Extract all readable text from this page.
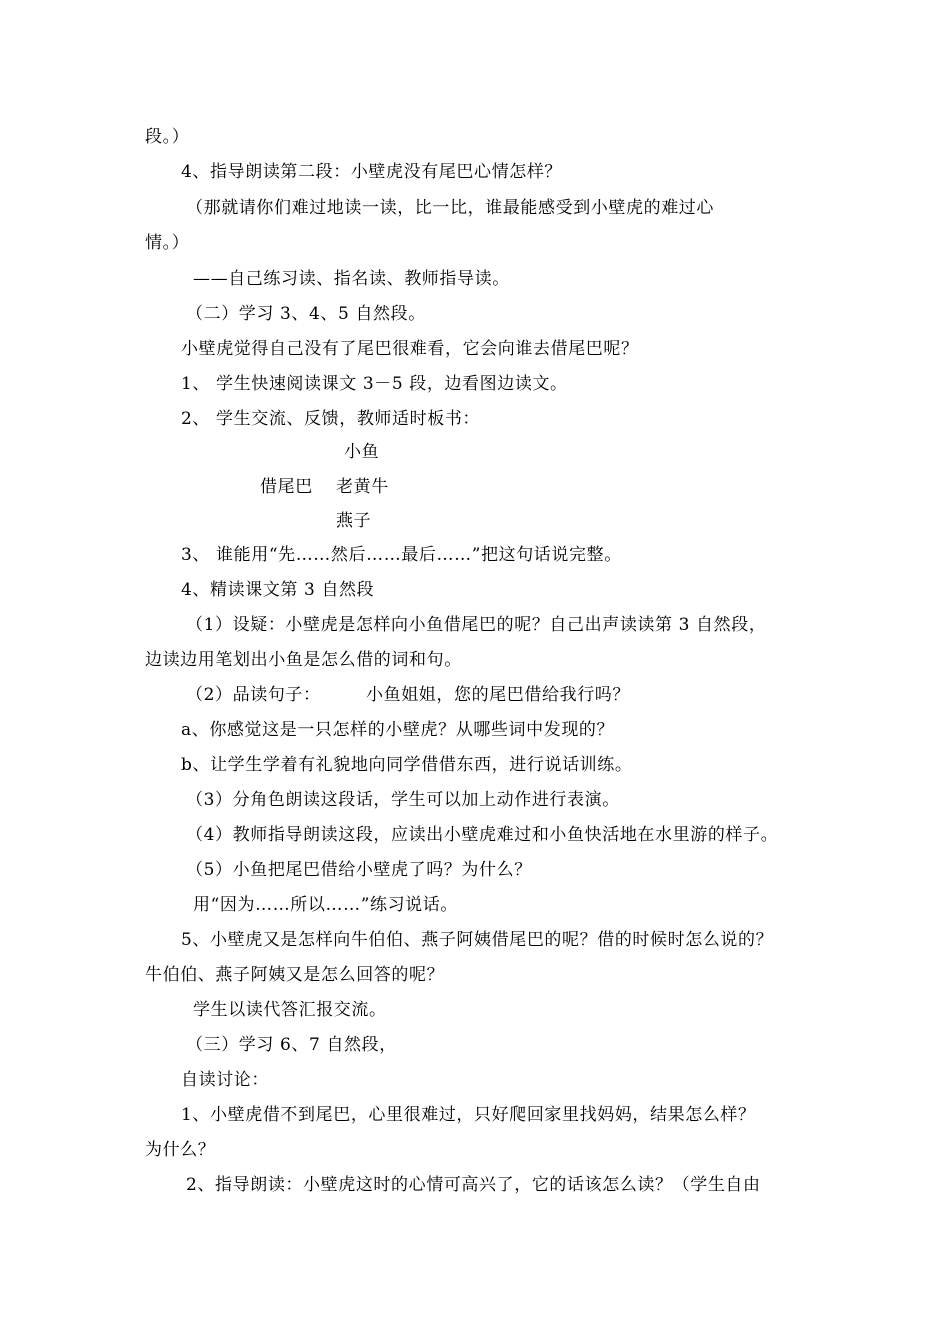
段。）
4、指导朗读第二段：小壁虎没有尾巴心情怎样？
（那就请你们难过地读一读，比一比，谁最能感受到小壁虎的难过心
情。）
——自己练习读、指名读、教师指导读。
（二）学习 3、4、5 自然段。
小壁虎觉得自己没有了尾巴很难看，它会向谁去借尾巴呢？
1、 学生快速阅读课文 3－5 段，边看图边读文。
2、 学生交流、反馈，教师适时板书：
小鱼
借尾巴 老黄牛
燕子
3、 谁能用“先……然后……最后……”把这句话说完整。
4、精读课文第 3 自然段
（1）设疑：小壁虎是怎样向小鱼借尾巴的呢？自己出声读读第 3 自然段，
边读边用笔划出小鱼是怎么借的词和句。
（2）品读句子：	小鱼姐姐，您的尾巴借给我行吗？
a、你感觉这是一只怎样的小壁虎？从哪些词中发现的？
b、让学生学着有礼貌地向同学借借东西，进行说话训练。
（3）分角色朗读这段话，学生可以加上动作进行表演。
（4）教师指导朗读这段，应读出小壁虎难过和小鱼快活地在水里游的样子。
（5）小鱼把尾巴借给小壁虎了吗？为什么？
用“因为……所以……”练习说话。
5、小壁虎又是怎样向牛伯伯、燕子阿姨借尾巴的呢？借的时候时怎么说的？
牛伯伯、燕子阿姨又是怎么回答的呢？
学生以读代答汇报交流。
（三）学习 6、7 自然段，
自读讨论：
1、小壁虎借不到尾巴，心里很难过，只好爬回家里找妈妈，结果怎么样？
为什么？
2、指导朗读：小壁虎这时的心情可高兴了，它的话该怎么读？（学生自由
